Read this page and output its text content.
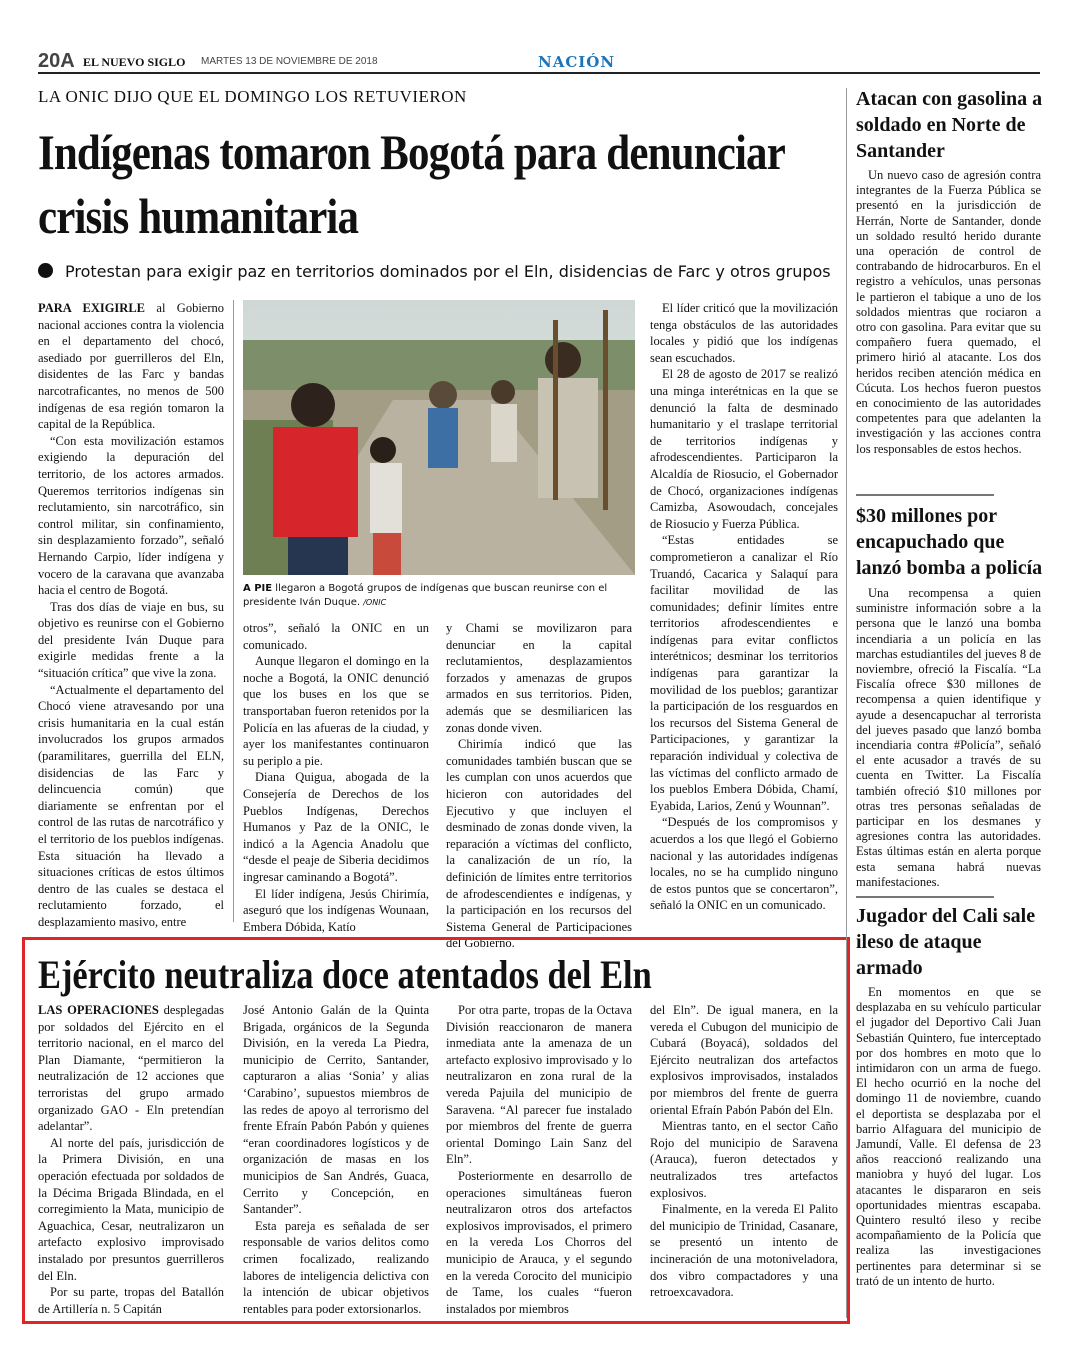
20A EL NUEVO SIGLO MARTES 13 DE NOVIEMBRE DE 2018	NACIÓN
LA ONIC DIJO QUE EL DOMINGO LOS RETUVIERON
Indígenas tomaron Bogotá para denunciar crisis humanitaria
Protestan para exigir paz en territorios dominados por el Eln, disidencias de Farc y otros grupos

PARA EXIGIRLE al Gobierno nacional acciones contra la violencia en el departamento del chocó, asediado por guerrilleros del Eln, disidentes de las Farc y bandas narcotraficantes, no menos de 500 indígenas de esa región tomaron la capital de la República.

“Con esta movilización estamos exigiendo la depuración del territorio, de los actores armados. Queremos territorios indígenas sin reclutamiento, sin narcotráfico, sin control militar, sin confinamiento, sin desplazamiento forzado”, señaló Hernando Carpio, líder indígena y vocero de la caravana que avanzaba hacia el centro de Bogotá.

Tras dos días de viaje en bus, su objetivo es reunirse con el Gobierno del presidente Iván Duque para exigirle medidas frente a la “situación crítica” que vive la zona.

“Actualmente el departamento del Chocó viene atravesando por una crisis humanitaria en la cual están involucrados los grupos armados (paramilitares, guerrilla del ELN, disidencias de las Farc y delincuencia común) que diariamente se enfrentan por el control de las rutas de narcotráfico y el territorio de los pueblos indígenas. Esta situación ha llevado a situaciones críticas de estos últimos dentro de las cuales se destaca el reclutamiento forzado, el desplazamiento masivo, entre

A PIE llegaron a Bogotá grupos de indígenas que buscan reunirse con el presidente Iván Duque. /ONIC

otros”, señaló la ONIC en un comunicado.

Aunque llegaron el domingo en la noche a Bogotá, la ONIC denunció que los buses en los que se transportaban fueron retenidos por la Policía en las afueras de la ciudad, y ayer los manifestantes continuaron su periplo a pie.

Diana Quigua, abogada de la Consejería de Derechos de los Pueblos Indígenas, Derechos Humanos y Paz de la ONIC, le indicó a la Agencia Anadolu que “desde el peaje de Siberia decidimos ingresar caminando a Bogotá”.

El líder indígena, Jesús Chirimía, aseguró que los indígenas Wounaan, Embera Dóbida, Katío

y Chami se movilizaron para denunciar en la capital reclutamientos, desplazamientos forzados y amenazas de grupos armados en sus territorios. Piden, además que se desmiliaricen las zonas donde viven.

Chirimía indicó que las comunidades también buscan que se les cumplan con unos acuerdos que hicieron con autoridades del Ejecutivo y que incluyen el desminado de zonas donde viven, la reparación a víctimas del conflicto, la canalización de un río, la definición de límites entre territorios de afrodescendientes e indígenas, y la participación en los recursos del Sistema General de Participaciones del Gobierno.

El líder criticó que la movilización tenga obstáculos de las autoridades locales y pidió que los indígenas sean escuchados.

El 28 de agosto de 2017 se realizó una minga interétnicas en la que se denunció la falta de desminado humanitario y el traslape territorial de territorios indígenas y afrodescendientes. Participaron la Alcaldía de Riosucio, el Gobernador de Chocó, organizaciones indígenas Camizba, Asowoudach, concejales de Riosucio y Fuerza Pública.

“Estas entidades se comprometieron a canalizar el Río Truandó, Cacarica y Salaquí para facilitar movilidad de las comunidades; definir límites entre territorios afrodescendientes e indígenas para evitar conflictos interétnicos; desminar los territorios indígenas para garantizar la movilidad de los pueblos; garantizar la participación de los resguardos en los recursos del Sistema General de Participaciones, y garantizar la reparación individual y colectiva de las víctimas del conflicto armado de los pueblos Embera Dóbida, Chamí, Eyabida, Larios, Zenú y Wounnan”.

“Después de los compromisos y acuerdos a los que llegó el Gobierno nacional y las autoridades indígenas locales, no se ha cumplido ninguno de estos puntos que se concertaron”, señaló la ONIC en un comunicado.

Ejército neutraliza doce atentados del Eln

LAS OPERACIONES desplegadas por soldados del Ejército en el territorio nacional, en el marco del Plan Diamante, “permitieron la neutralización de 12 acciones que terroristas del grupo armado organizado GAO - Eln pretendían adelantar”.

Al norte del país, jurisdicción de la Primera División, en una operación efectuada por soldados de la Décima Brigada Blindada, en el corregimiento la Mata, municipio de Aguachica, Cesar, neutralizaron un artefacto explosivo improvisado instalado por presuntos guerrilleros del Eln.

Por su parte, tropas del Batallón de Artillería n. 5 Capitán

José Antonio Galán de la Quinta Brigada, orgánicos de la Segunda División, en la vereda La Piedra, municipio de Cerrito, Santander, capturaron a alias ‘Sonia’ y alias ‘Carabino’, supuestos miembros de las redes de apoyo al terrorismo del frente Efraín Pabón Pabón y quienes “eran coordinadores logísticos y de organización de masas en los municipios de San Andrés, Guaca, Cerrito y Concepción, en Santander”.

Esta pareja es señalada de ser responsable de varios delitos como crimen focalizado, realizando labores de inteligencia delictiva con la intención de ubicar objetivos rentables para poder extorsionarlos.

Por otra parte, tropas de la Octava División reaccionaron de manera inmediata ante la amenaza de un artefacto explosivo improvisado y lo neutralizaron en zona rural de la vereda Pajuila del municipio de Saravena. “Al parecer fue instalado por miembros del frente de guerra oriental Domingo Lain Sanz del Eln”.

Posteriormente en desarrollo de operaciones simultáneas fueron neutralizaron otros dos artefactos explosivos improvisados, el primero en la vereda Los Chorros del municipio de Arauca, y el segundo en la vereda Corocito del municipio de Tame, los cuales “fueron instalados por miembros

del Eln”. De igual manera, en la vereda el Cubugon del municipio de Cubará (Boyacá), soldados del Ejército neutralizan dos artefactos explosivos improvisados, instalados por miembros del frente de guerra oriental Efraín Pabón Pabón del Eln.

Mientras tanto, en el sector Caño Rojo del municipio de Saravena (Arauca), fueron detectados y neutralizados tres artefactos explosivos.

Finalmente, en la vereda El Palito del municipio de Trinidad, Casanare, se presentó un intento de incineración de una motoniveladora, dos vibro compactadores y una retroexcavadora.

Atacan con gasolina a soldado en Norte de Santander

Un nuevo caso de agresión contra integrantes de la Fuerza Pública se presentó en la jurisdicción de Herrán, Norte de Santander, donde un soldado resultó herido durante una operación de control de contrabando de hidrocarburos. En el registro a vehículos, unas personas le partieron el tabique a uno de los soldados mientras que rociaron a otro con gasolina. Para evitar que su compañero fuera quemado, el primero hirió al atacante. Los dos heridos reciben atención médica en Cúcuta. Los hechos fueron puestos en conocimiento de las autoridades competentes para que adelanten la investigación y las acciones contra los responsables de estos hechos.

$30 millones por encapuchado que lanzó bomba a policía

Una recompensa a quien suministre información sobre a la persona que le lanzó una bomba incendiaria a un policía en las marchas estudiantiles del jueves 8 de noviembre, ofreció la Fiscalía. “La Fiscalía ofrece $30 millones de recompensa a quien identifique y ayude a desencapuchar al terrorista del jueves pasado que lanzó bomba incendiaria contra #Policía”, señaló el ente acusador a través de su cuenta en Twitter. La Fiscalía también ofreció $10 millones por otras tres personas señaladas de participar en los desmanes y agresiones contra las autoridades. Estas últimas están en alerta porque esta semana habrá nuevas manifestaciones.

Jugador del Cali sale ileso de ataque armado

En momentos en que se desplazaba en su vehículo particular el jugador del Deportivo Cali Juan Sebastián Quintero, fue interceptado por dos hombres en moto que lo intimidaron con un arma de fuego. El hecho ocurrió en la noche del domingo 11 de noviembre, cuando el deportista se desplazaba por el barrio Alfaguara del municipio de Jamundí, Valle. El defensa de 23 años reaccionó realizando una maniobra y huyó del lugar. Los atacantes le dispararon en seis oportunidades mientras escapaba. Quintero resultó ileso y recibe acompañamiento de la Policía que realiza las investigaciones pertinentes para determinar si se trató de un intento de hurto.
